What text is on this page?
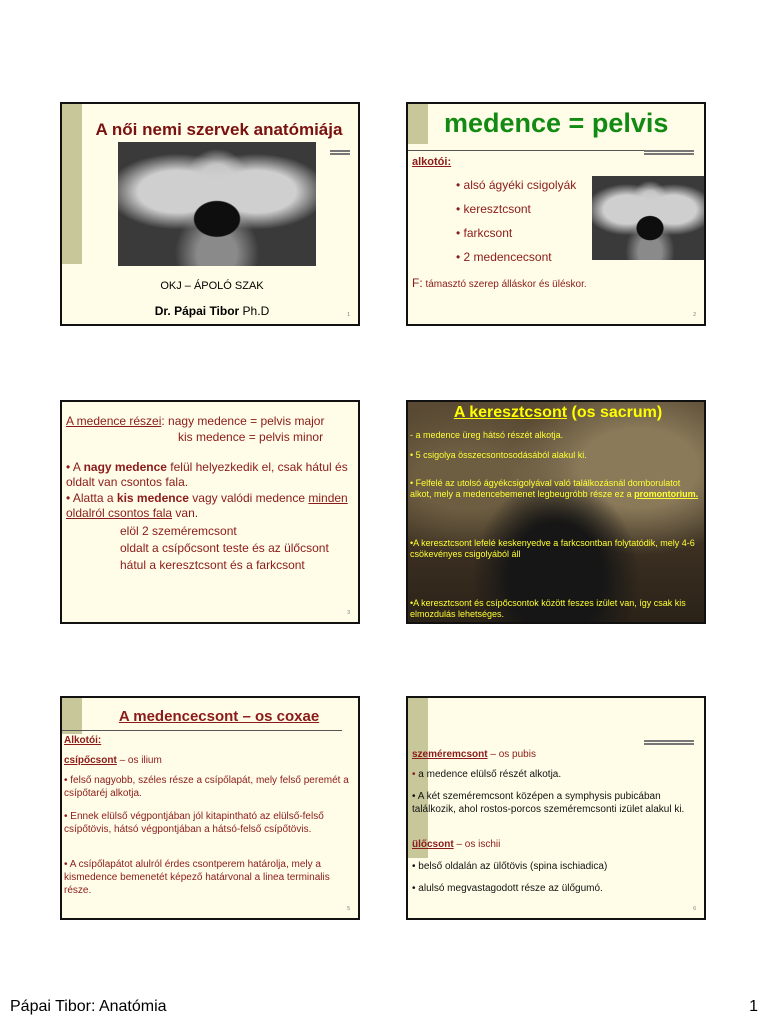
A női nemi szervek anatómiája
OKJ – ÁPOLÓ SZAK
Dr. Pápai Tibor Ph.D	1
medence = pelvis
alkotói:
• alsó ágyéki csigolyák
• keresztcsont
• farkcsont
• 2 medencecsont
F: támasztó szerep álláskor és üléskor.
2
A medence részei: nagy medence = pelvis major
kis medence = pelvis minor
• A nagy medence felül helyezkedik el, csak hátul és oldalt van csontos fala.
• Alatta a kis medence vagy valódi medence minden oldalról csontos fala van.
elöl 2 szeméremcsont
oldalt a csípőcsont teste és az ülőcsont
hátul a keresztcsont és a farkcsont
3
A keresztcsont (os sacrum)
- a medence üreg hátsó részét alkotja.
• 5 csigolya összecsontosodásából alakul ki.
• Felfelé az utolsó ágyékcsigolyával való találkozásnál domborulatot alkot, mely a medencebemenet legbeugróbb része ez a promontorium.
•A keresztcsont lefelé keskenyedve a farkcsontban folytatódik, mely 4-6 csökevényes csigolyából áll
•A keresztcsont és csípőcsontok között feszes izület van, így csak kis elmozdulás lehetséges.
A medencecsont – os coxae
Alkotói:
csípőcsont – os ilium
• felső nagyobb, széles része a csípőlapát, mely felső peremét a csípőtaréj alkotja.
• Ennek elülső végpontjában jól kitapintható az elülső-felső csípőtövis, hátsó végpontjában a hátsó-felső csípőtövis.
• A csípőlapátot alulról érdes csontperem határolja, mely a kismedence bemenetét képező határvonal a linea terminalis része.
5
szeméremcsont – os pubis
• a medence elülső részét alkotja.
• A két szeméremcsont középen a symphysis pubicában találkozik, ahol rostos-porcos szeméremcsonti izület alakul ki.
ülőcsont – os ischii
• belső oldalán az ülőtövis (spina ischiadica)
• alulsó megvastagodott része az ülőgumó.
6
Pápai Tibor: Anatómia	1
